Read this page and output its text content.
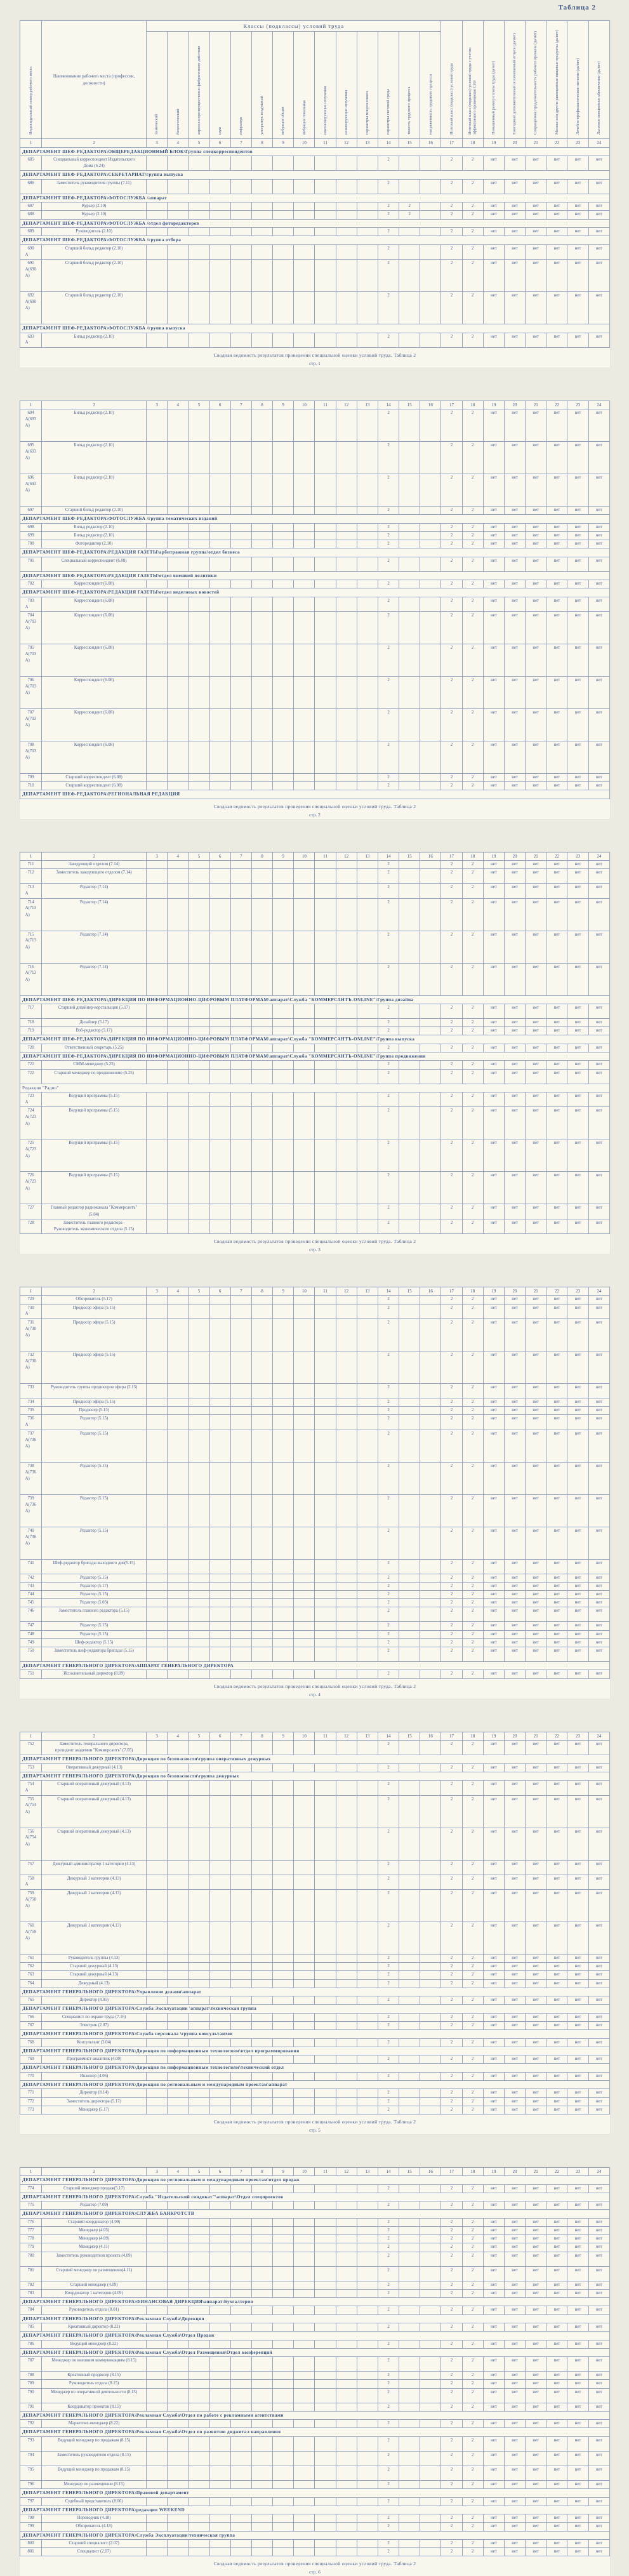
Таблица 2
Индивидуальный номер рабочего места	Наименование рабочего места (профессии, должности)	Классы (подклассы) условий труда														Итоговый класс (подкласс) условий труда	Итоговый класс (подкласс) условий труда с учетом эффективного применения СИЗ	Повышенный размер оплаты труда (да/нет)	Ежегодный дополнительный оплачиваемый отпуск (да/нет)	Сокращенная продолжительность рабочего времени (да/нет)	Молоко или другие равноценные пищевые продукты (да/нет)	Лечебно-профилактическое питание (да/нет)	Льготное пенсионное обеспечение (да/нет)
		химический	биологический	аэрозоли преимущественно фиброгенного действия	шум	инфразвук	ультразвук воздушный	вибрация общая	вибрация локальная	неионизирующие излучения	ионизирующие излучения	параметры микроклимата	параметры световой среды	тяжесть трудового процесса	напряженность трудового процесса								
1	2	3	4	5	6	7	8	9	10	11	12	13	14	15	16	17	18	19	20	21	22	23	24
ДЕПАРТАМЕНТ ШЕФ-РЕДАКТОРА\ОБЩЕРЕДАКЦИОННЫЙ БЛОК\Группа спецкорреспондентов																							

685	Специальный корреспондент Издательского Дома (6.24)												2			2	2	нет	нет	нет	нет	нет	нет
ДЕПАРТАМЕНТ ШЕФ-РЕДАКТОРА\СЕКРЕТАРИАТ/группа выпуска																							

686	Заместитель руководителя группы (7.11)												2			2	2	нет	нет	нет	нет	нет	нет
ДЕПАРТАМЕНТ ШЕФ-РЕДАКТОРА\ФОТОСЛУЖБА /аппарат																							

687	Курьер (2.10)												2	2		2	2	нет	нет	нет	нет	нет	нет

688	Курьер (2.10)												2	2		2	2	нет	нет	нет	нет	нет	нет
ДЕПАРТАМЕНТ ШЕФ-РЕДАКТОРА\ФОТОСЛУЖБА /отдел фоторедакторов																							

689	Руководитель (2.10)												2			2	2	нет	нет	нет	нет	нет	нет
ДЕПАРТАМЕНТ ШЕФ-РЕДАКТОРА\ФОТОСЛУЖБА /группа отбора																							

690
А	Старший бильд редактор (2.10)												2			2	2	нет	нет	нет	нет	нет	нет

691
А(690А)	Старший бильд редактор (2.10)												2			2	2	нет	нет	нет	нет	нет	нет

692
А(690А)	Старший бильд редактор (2.10)												2			2	2	нет	нет	нет	нет	нет	нет
ДЕПАРТАМЕНТ ШЕФ-РЕДАКТОРА\ФОТОСЛУЖБА /группа выпуска																							

693
А	Бильд редактор (2.10)												2			2	2	нет	нет	нет	нет	нет	нет
Сводная ведомость результатов проведения специальной оценки условий труда. Таблица 2
стр. 1
1	2	3	4	5	6	7	8	9	10	11	12	13	14	15	16	17	18	19	20	21	22	23	24

694
А(693А)	Бильд редактор (2.10)												2			2	2	нет	нет	нет	нет	нет	нет

695
А(693А)	Бильд редактор (2.10)												2			2	2	нет	нет	нет	нет	нет	нет

696
А(693А)	Бильд редактор (2.10)												2			2	2	нет	нет	нет	нет	нет	нет

697	Старший бильд редактор (2.10)												2			2	2	нет	нет	нет	нет	нет	нет
ДЕПАРТАМЕНТ ШЕФ-РЕДАКТОРА\ФОТОСЛУЖБА /группа тематических изданий																							

698	Бильд редактор (2.10)												2			2	2	нет	нет	нет	нет	нет	нет

699	Бильд редактор (2.10)												2			2	2	нет	нет	нет	нет	нет	нет

700	Фоторедактор (2.10)												2			2	2	нет	нет	нет	нет	нет	нет
ДЕПАРТАМЕНТ ШЕФ-РЕДАКТОРА\РЕДАКЦИЯ ГАЗЕТЫ\арбитражная группа\отдел бизнеса																							

701	Специальный корреспондент (6.08)												2			2	2	нет	нет	нет	нет	нет	нет
ДЕПАРТАМЕНТ ШЕФ-РЕДАКТОРА\РЕДАКЦИЯ ГАЗЕТЫ\отдел внешней политики																							

702	Корреспондент (6.08)												2			2	2	нет	нет	нет	нет	нет	нет
ДЕПАРТАМЕНТ ШЕФ-РЕДАКТОРА\РЕДАКЦИЯ ГАЗЕТЫ\отдел неделовых новостей																							

703
А	Корреспондент (6.08)												2			2	2	нет	нет	нет	нет	нет	нет

704
А(703А)	Корреспондент (6.08)												2			2	2	нет	нет	нет	нет	нет	нет

705
А(703А)	Корреспондент (6.08)												2			2	2	нет	нет	нет	нет	нет	нет

706
А(703А)	Корреспондент (6.08)												2			2	2	нет	нет	нет	нет	нет	нет

707
А(703А)	Корреспондент (6.08)												2			2	2	нет	нет	нет	нет	нет	нет

708
А(703А)	Корреспондент (6.08)												2			2	2	нет	нет	нет	нет	нет	нет

709	Старший корреспондент (6.08)												2			2	2	нет	нет	нет	нет	нет	нет

710	Старший корреспондент (6.08)												2			2	2	нет	нет	нет	нет	нет	нет
ДЕПАРТАМЕНТ ШЕФ-РЕДАКТОРА\РЕГИОНАЛЬНАЯ РЕДАКЦИЯ																							
Сводная ведомость результатов проведения специальной оценки условий труда. Таблица 2
стр. 2
1	2	3	4	5	6	7	8	9	10	11	12	13	14	15	16	17	18	19	20	21	22	23	24

711	Заведующий отделом (7.14)												2			2	2	нет	нет	нет	нет	нет	нет

712	Заместитель заведующего отделом (7.14)												2			2	2	нет	нет	нет	нет	нет	нет

713
А	Редактор (7.14)												2			2	2	нет	нет	нет	нет	нет	нет

714
А(713А)	Редактор (7.14)												2			2	2	нет	нет	нет	нет	нет	нет

715
А(713А)	Редактор (7.14)												2			2	2	нет	нет	нет	нет	нет	нет

716
А(713А)	Редактор (7.14)												2			2	2	нет	нет	нет	нет	нет	нет
ДЕПАРТАМЕНТ ШЕФ-РЕДАКТОРА\ДИРЕКЦИЯ ПО ИНФОРМАЦИОННО-ЦИФРОВЫМ ПЛАТФОРМАМ\аппарат\Служба "КОММЕРСАНТЪ-ONLINE"\Группа дизайна																							

717	Старший дизайнер-верстальщик (5.17)												2			2	2	нет	нет	нет	нет	нет	нет

718	Дизайнер (5.17)												2			2	2	нет	нет	нет	нет	нет	нет

719	Вэб-редактор (5.17)												2			2	2	нет	нет	нет	нет	нет	нет
ДЕПАРТАМЕНТ ШЕФ-РЕДАКТОРА\ДИРЕКЦИЯ ПО ИНФОРМАЦИОННО-ЦИФРОВЫМ ПЛАТФОРМАМ\аппарат\Служба "КОММЕРСАНТЪ-ONLINE"\Группа выпуска																							

720	Ответственный секретарь (5.25)												2			2	2	нет	нет	нет	нет	нет	нет
ДЕПАРТАМЕНТ ШЕФ-РЕДАКТОРА\ДИРЕКЦИЯ ПО ИНФОРМАЦИОННО-ЦИФРОВЫМ ПЛАТФОРМАМ\аппарат\Служба "КОММЕРСАНТЪ-ONLINE"\Группа продвижения																							

721	СММ-менеджер (5.25)												2			2	2	нет	нет	нет	нет	нет	нет

722	Старший менеджер по продвижению (5.25)												2			2	2	нет	нет	нет	нет	нет	нет
Редакция "Радио"																							

723
А	Ведущий программы (5.15)												2			2	2	нет	нет	нет	нет	нет	нет

724
А(723А)	Ведущий программы (5.15)												2			2	2	нет	нет	нет	нет	нет	нет

725
А(723А)	Ведущий программы (5.15)												2			2	2	нет	нет	нет	нет	нет	нет

726
А(723А)	Ведущий программы (5.15)												2			2	2	нет	нет	нет	нет	нет	нет

727	Главный редактор радиоканала "Коммерсантъ" (5.04)												2			2	2	нет	нет	нет	нет	нет	нет

728	Заместитель главного редактора - Руководитель экономического отдела (5.15)												2			2	2	нет	нет	нет	нет	нет	нет
Сводная ведомость результатов проведения специальной оценки условий труда. Таблица 2
стр. 3
1	2	3	4	5	6	7	8	9	10	11	12	13	14	15	16	17	18	19	20	21	22	23	24

729	Обозреватель (5.17)												2			2	2	нет	нет	нет	нет	нет	нет

730
А	Продюсер эфира (5.15)												2			2	2	нет	нет	нет	нет	нет	нет

731
А(730А)	Продюсер эфира (5.15)												2			2	2	нет	нет	нет	нет	нет	нет

732
А(730А)	Продюсер эфира (5.15)												2			2	2	нет	нет	нет	нет	нет	нет

733	Руководитель группы продюсеров эфира (5.15)												2			2	2	нет	нет	нет	нет	нет	нет

734	Продюсер эфира (5.15)												2			2	2	нет	нет	нет	нет	нет	нет

735	Продюсер (5.15)												2			2	2	нет	нет	нет	нет	нет	нет

736
А	Редактор (5.15)												2			2	2	нет	нет	нет	нет	нет	нет

737
А(736А)	Редактор (5.15)												2			2	2	нет	нет	нет	нет	нет	нет

738
А(736А)	Редактор (5.15)												2			2	2	нет	нет	нет	нет	нет	нет

739
А(736А)	Редактор (5.15)												2			2	2	нет	нет	нет	нет	нет	нет

740
А(736А)	Редактор (5.15)												2			2	2	нет	нет	нет	нет	нет	нет

741	Шеф-редактор бригады выходного дня(5.15)												2			2	2	нет	нет	нет	нет	нет	нет

742	Редактор (5.15)												2			2	2	нет	нет	нет	нет	нет	нет

743	Редактор (5.17)												2			2	2	нет	нет	нет	нет	нет	нет

744	Редактор (5.15)												2			2	2	нет	нет	нет	нет	нет	нет

745	Редактор (5.03)												2			2	2	нет	нет	нет	нет	нет	нет

746	Заместитель главного редактора (5.15)												2			2	2	нет	нет	нет	нет	нет	нет

747	Редактор (5.15)												2			2	2	нет	нет	нет	нет	нет	нет

748	Редактор (5.15)												2			2	2	нет	нет	нет	нет	нет	нет

749	Шеф-редактор (5.15)												2			2	2	нет	нет	нет	нет	нет	нет

750	Заместитель шеф-редактора бригады (5.15)												2			2	2	нет	нет	нет	нет	нет	нет
ДЕПАРТАМЕНТ ГЕНЕРАЛЬНОГО ДИРЕКТОРА\АППАРАТ ГЕНЕРАЛЬНОГО ДИРЕКТОРА																							

751	Исполнительный директор (8.09)												2			2	2	нет	нет	нет	нет	нет	нет
Сводная ведомость результатов проведения специальной оценки условий труда. Таблица 2
стр. 4
1	2	3	4	5	6	7	8	9	10	11	12	13	14	15	16	17	18	19	20	21	22	23	24

752	Заместитель генерального директора, президент академии "Коммерсантъ" (7.05)												2			2	2	нет	нет	нет	нет	нет	нет
ДЕПАРТАМЕНТ ГЕНЕРАЛЬНОГО ДИРЕКТОРА\Дирекция по безопасности\группа оперативных дежурных																							

753	Оперативный дежурный (4.13)												2			2	2	нет	нет	нет	нет	нет	нет
ДЕПАРТАМЕНТ ГЕНЕРАЛЬНОГО ДИРЕКТОРА\Дирекция по безопасности\группа дежурных																							

754
А	Старший оперативный дежурный (4.13)												2			2	2	нет	нет	нет	нет	нет	нет

755
А(754А)	Старший оперативный дежурный (4.13)												2			2	2	нет	нет	нет	нет	нет	нет

756
А(754А)	Старший оперативный дежурный (4.13)												2			2	2	нет	нет	нет	нет	нет	нет

757	Дежурный администратор 1 категории (4.13)												2			2	2	нет	нет	нет	нет	нет	нет

758
А	Дежурный 1 категории (4.13)												2			2	2	нет	нет	нет	нет	нет	нет

759
А(758А)	Дежурный 1 категории (4.13)												2			2	2	нет	нет	нет	нет	нет	нет

760
А(758А)	Дежурный 1 категории (4.13)												2			2	2	нет	нет	нет	нет	нет	нет

761	Руководитель группы (4.13)												2			2	2	нет	нет	нет	нет	нет	нет

762	Старший дежурный (4.13)												2			2	2	нет	нет	нет	нет	нет	нет

763	Старший дежурный (4.13)												2			2	2	нет	нет	нет	нет	нет	нет

764	Дежурный (4.13)												2			2	2	нет	нет	нет	нет	нет	нет
ДЕПАРТАМЕНТ ГЕНЕРАЛЬНОГО ДИРЕКТОРА\Управление делами\аппарат																							

765	Директор (8.05)												2			2	2	нет	нет	нет	нет	нет	нет
ДЕПАРТАМЕНТ ГЕНЕРАЛЬНОГО ДИРЕКТОРА\Служба Эксплуатации \аппарат\техническая группа																							

766	Специалист по охране труда (7.16)												2			2	2	нет	нет	нет	нет	нет	нет

767	Электрик (2.07)												2			2	2	нет	нет	нет	нет	нет	нет
ДЕПАРТАМЕНТ ГЕНЕРАЛЬНОГО ДИРЕКТОРА\Служба персонала \группа консультантов																							

768	Консультант (2.04)												2			2	2	нет	нет	нет	нет	нет	нет
ДЕПАРТАМЕНТ ГЕНЕРАЛЬНОГО ДИРЕКТОРА\Дирекция по информационным технологиям\отдел программирования																							

769	Программист-аналитик (4.09)												2			2	2	нет	нет	нет	нет	нет	нет
ДЕПАРТАМЕНТ ГЕНЕРАЛЬНОГО ДИРЕКТОРА\Дирекция по информационным технологиям\технический отдел																							

770	Инженер (4.06)												2			2	2	нет	нет	нет	нет	нет	нет
ДЕПАРТАМЕНТ ГЕНЕРАЛЬНОГО ДИРЕКТОРА\Дирекция по региональным и международным проектам\аппарат																							

771	Директор (8.14)												2			2	2	нет	нет	нет	нет	нет	нет

772	Заместитель директора (5.17)												2			2	2	нет	нет	нет	нет	нет	нет

773	Менеджер (5.17)												2			2	2	нет	нет	нет	нет	нет	нет
Сводная ведомость результатов проведения специальной оценки условий труда. Таблица 2
стр. 5
1	2	3	4	5	6	7	8	9	10	11	12	13	14	15	16	17	18	19	20	21	22	23	24
ДЕПАРТАМЕНТ ГЕНЕРАЛЬНОГО ДИРЕКТОРА\Дирекция по региональным и международным проектам\отдел продаж																							

774	Старший менеджер продаж(5.17)												2			2	2	нет	нет	нет	нет	нет	нет
ДЕПАРТАМЕНТ ГЕНЕРАЛЬНОГО ДИРЕКТОРА\Служба "Издательский синдикат"\аппарат\Отдел спецпроектов																							

775	Редактор (7.09)												2			2	2	нет	нет	нет	нет	нет	нет
ДЕПАРТАМЕНТ ГЕНЕРАЛЬНОГО ДИРЕКТОРА\СЛУЖБА БАНКРОТСТВ																							

776	Старший координатор (4.09)												2			2	2	нет	нет	нет	нет	нет	нет

777	Менеджер (4.05)												2			2	2	нет	нет	нет	нет	нет	нет

778	Менеджер (4.09)												2			2	2	нет	нет	нет	нет	нет	нет

779	Менеджер (4.11)												2			2	2	нет	нет	нет	нет	нет	нет

780	Заместитель руководителя проекта (4.09)												2			2	2	нет	нет	нет	нет	нет	нет

781	Старший менеджер по размещению(4.11)												2			2	2	нет	нет	нет	нет	нет	нет

782	Старший менеджер (4.09)												2			2	2	нет	нет	нет	нет	нет	нет

783	Координатор 1 категории (4.09)												2			2	2	нет	нет	нет	нет	нет	нет
ДЕПАРТАМЕНТ ГЕНЕРАЛЬНОГО ДИРЕКТОРА\ФИНАНСОВАЯ ДИРЕКЦИЯ\аппарат\Бухгалтерия																							

784	Руководитель отдела (8.01)												2			2	2	нет	нет	нет	нет	нет	нет
ДЕПАРТАМЕНТ ГЕНЕРАЛЬНОГО ДИРЕКТОРА\Рекламная Служба\Дирекция																							

785	Креативный директор (8.22)												2			2	2	нет	нет	нет	нет	нет	нет
ДЕПАРТАМЕНТ ГЕНЕРАЛЬНОГО ДИРЕКТОРА\Рекламная Служба\Отдел Продаж																							

786	Ведущий менеджер (8.22)												2			2	2	нет	нет	нет	нет	нет	нет
ДЕПАРТАМЕНТ ГЕНЕРАЛЬНОГО ДИРЕКТОРА\Рекламная Служба\Отдел Размещения\Отдел конференций																							

787	Менеджер по внешним коммуникациям (8.15)												2			2	2	нет	нет	нет	нет	нет	нет

788	Креативный продюсер (8.15)												2			2	2	нет	нет	нет	нет	нет	нет

789	Руководитель отдела (8.15)												2			2	2	нет	нет	нет	нет	нет	нет

790	Менеджер по оперативной деятельности (8.15)												2			2	2	нет	нет	нет	нет	нет	нет

791	Координатор проектов (8.15)												2			2	2	нет	нет	нет	нет	нет	нет
ДЕПАРТАМЕНТ ГЕНЕРАЛЬНОГО ДИРЕКТОРА\Рекламная Служба\Отдел по работе с рекламными агентствами																							

792	Маркетинг-менеджер (8.22)												2			2	2	нет	нет	нет	нет	нет	нет
ДЕПАРТАМЕНТ ГЕНЕРАЛЬНОГО ДИРЕКТОРА\Рекламная Служба\Отдел по развитию диджитал направления																							

793	Ведущий менеджер по продажам (8.15)												2			2	2	нет	нет	нет	нет	нет	нет

794	Заместитель руководителя отдела (8.15)												2			2	2	нет	нет	нет	нет	нет	нет

795	Ведущий менеджер по продажам (8.15)												2			2	2	нет	нет	нет	нет	нет	нет

796	Менеджер по размещению (8.15)												2			2	2	нет	нет	нет	нет	нет	нет
ДЕПАРТАМЕНТ ГЕНЕРАЛЬНОГО ДИРЕКТОРА\Правовой департамент																							

797	Судебный представитель (8.06)												2			2	2	нет	нет	нет	нет	нет	нет
ДЕПАРТАМЕНТ ГЕНЕРАЛЬНОГО ДИРЕКТОРА\редакция WEEKEND																							

798	Переводчик (4.18)												2			2	2	нет	нет	нет	нет	нет	нет

799	Обозреватель (4.18)												2			2	2	нет	нет	нет	нет	нет	нет
ДЕПАРТАМЕНТ ГЕНЕРАЛЬНОГО ДИРЕКТОРА\Служба Эксплуатации\техническая группа																							

800	Старший специалист (2.07)												2			2	2	нет	нет	нет	нет	нет	нет

801	Специалист (2.07)												2			2	2	нет	нет	нет	нет	нет	нет
Сводная ведомость результатов проведения специальной оценки условий труда. Таблица 2
стр. 6
